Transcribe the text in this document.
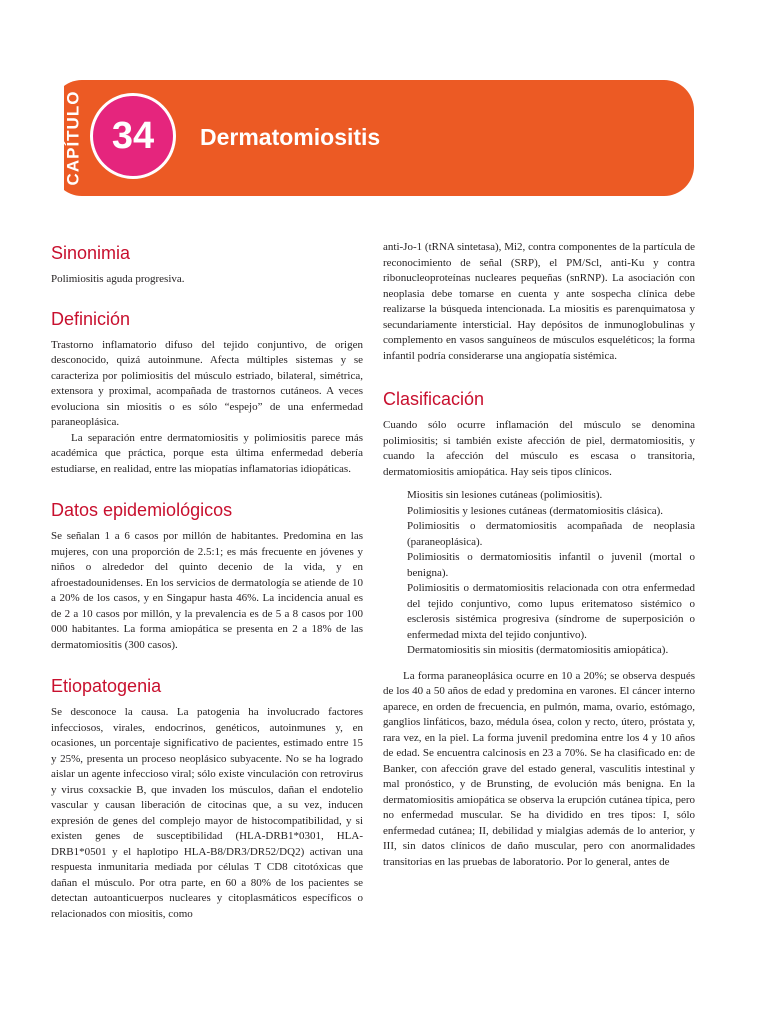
CAPÍTULO 34 Dermatomiositis
Sinonimia

Polimiositis aguda progresiva.

Definición

Trastorno inflamatorio difuso del tejido conjuntivo, de origen desconocido, quizá autoinmune. Afecta múltiples sistemas y se caracteriza por polimiositis del músculo estriado, bilateral, simétrica, extensora y proximal, acompañada de trastornos cutáneos. A veces evoluciona sin miositis o es sólo “espejo” de una enfermedad paraneoplásica.

La separación entre dermatomiositis y polimiositis parece más académica que práctica, porque esta última enfermedad debería estudiarse, en realidad, entre las miopatías inflamatorias idiopáticas.

Datos epidemiológicos

Se señalan 1 a 6 casos por millón de habitantes. Predomina en las mujeres, con una proporción de 2.5:1; es más frecuente en jóvenes y niños o alrededor del quinto decenio de la vida, y en afroestadounidenses. En los servicios de dermatología se atiende de 10 a 20% de los casos, y en Singapur hasta 46%. La incidencia anual es de 2 a 10 casos por millón, y la prevalencia es de 5 a 8 casos por 100 000 habitantes. La forma amiopática se presenta en 2 a 18% de las dermatomiositis (300 casos).

Etiopatogenia

Se desconoce la causa. La patogenia ha involucrado factores infecciosos, virales, endocrinos, genéticos, autoinmunes y, en ocasiones, un porcentaje significativo de pacientes, estimado entre 15 y 25%, presenta un proceso neoplásico subyacente. No se ha logrado aislar un agente infeccioso viral; sólo existe vinculación con retrovirus y virus coxsackie B, que invaden los músculos, dañan el endotelio vascular y causan liberación de citocinas que, a su vez, inducen expresión de genes del complejo mayor de histocompatibilidad, y si existen genes de susceptibilidad (HLA-DRB1*0301, HLA-DRB1*0501 y el haplotipo HLA-B8/DR3/DR52/DQ2) activan una respuesta inmunitaria mediada por células T CD8 citotóxicas que dañan el músculo. Por otra parte, en 60 a 80% de los pacientes se detectan autoanticuerpos nucleares y citoplasmáticos específicos o relacionados con miositis, como

anti-Jo-1 (tRNA sintetasa), Mi2, contra componentes de la partícula de reconocimiento de señal (SRP), el PM/Scl, anti-Ku y contra ribonucleoproteínas nucleares pequeñas (snRNP). La asociación con neoplasia debe tomarse en cuenta y ante sospecha clínica debe realizarse la búsqueda intencionada. La miositis es parenquimatosa y secundariamente intersticial. Hay depósitos de inmunoglobulinas y complemento en vasos sanguíneos de músculos esqueléticos; la forma infantil podría considerarse una angiopatía sistémica.

Clasificación

Cuando sólo ocurre inflamación del músculo se denomina polimiositis; si también existe afección de piel, dermatomiositis, y cuando la afección del músculo es escasa o transitoria, dermatomiositis amiopática. Hay seis tipos clínicos.

Miositis sin lesiones cutáneas (polimiositis).
Polimiositis y lesiones cutáneas (dermatomiositis clásica).
Polimiositis o dermatomiositis acompañada de neoplasia (paraneoplásica).
Polimiositis o dermatomiositis infantil o juvenil (mortal o benigna).
Polimiositis o dermatomiositis relacionada con otra enfermedad del tejido conjuntivo, como lupus eritematoso sistémico o esclerosis sistémica progresiva (síndrome de superposición o enfermedad mixta del tejido conjuntivo).
Dermatomiositis sin miositis (dermatomiositis amiopática).

La forma paraneoplásica ocurre en 10 a 20%; se observa después de los 40 a 50 años de edad y predomina en varones. El cáncer interno aparece, en orden de frecuencia, en pulmón, mama, ovario, estómago, ganglios linfáticos, bazo, médula ósea, colon y recto, útero, próstata y, rara vez, en la piel. La forma juvenil predomina entre los 4 y 10 años de edad. Se encuentra calcinosis en 23 a 70%. Se ha clasificado en: de Banker, con afección grave del estado general, vasculitis intestinal y mal pronóstico, y de Brunsting, de evolución más benigna. En la dermatomiositis amiopática se observa la erupción cutánea típica, pero no enfermedad muscular. Se ha dividido en tres tipos: I, sólo enfermedad cutánea; II, debilidad y mialgias además de lo anterior, y III, sin datos clínicos de daño muscular, pero con anormalidades transitorias en las pruebas de laboratorio. Por lo general, antes de
